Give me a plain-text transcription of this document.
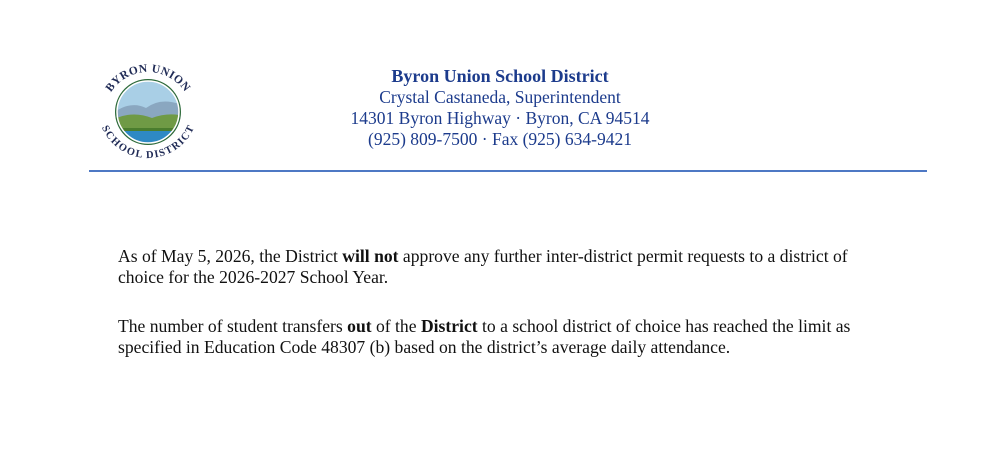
BYRON UNION
SCHOOL DISTRICT
Byron Union School District
Crystal Castaneda, Superintendent
14301 Byron Highway · Byron, CA 94514
(925) 809-7500 · Fax (925) 634-9421

As of May 5, 2026, the District will not approve any further inter-district permit requests to a district of choice for the 2026-2027 School Year.

The number of student transfers out of the District to a school district of choice has reached the limit as specified in Education Code 48307 (b) based on the district’s average daily attendance.
